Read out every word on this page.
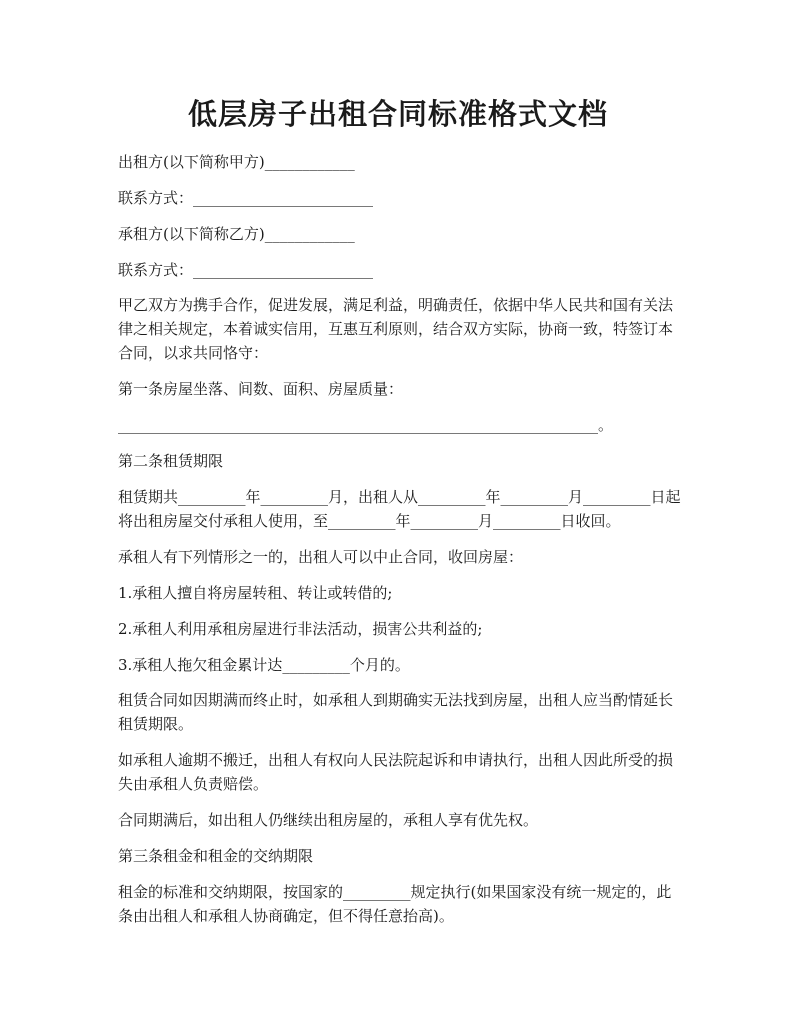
低层房子出租合同标准格式文档

出租方(以下简称甲方)____________

联系方式：________________________

承租方(以下简称乙方)____________

联系方式：________________________

甲乙双方为携手合作，促进发展，满足利益，明确责任，依据中华人民共和国有关法律之相关规定，本着诚实信用，互惠互利原则，结合双方实际，协商一致，特签订本合同，以求共同恪守：

第一条房屋坐落、间数、面积、房屋质量：

________________________________________________________________。

第二条租赁期限

租赁期共_________年_________月，出租人从_________年_________月_________日起将出租房屋交付承租人使用，至_________年_________月_________日收回。

承租人有下列情形之一的，出租人可以中止合同，收回房屋：

1.承租人擅自将房屋转租、转让或转借的;

2.承租人利用承租房屋进行非法活动，损害公共利益的;

3.承租人拖欠租金累计达_________个月的。

租赁合同如因期满而终止时，如承租人到期确实无法找到房屋，出租人应当酌情延长租赁期限。

如承租人逾期不搬迁，出租人有权向人民法院起诉和申请执行，出租人因此所受的损失由承租人负责赔偿。

合同期满后，如出租人仍继续出租房屋的，承租人享有优先权。

第三条租金和租金的交纳期限

租金的标准和交纳期限，按国家的_________规定执行(如果国家没有统一规定的，此条由出租人和承租人协商确定，但不得任意抬高)。
